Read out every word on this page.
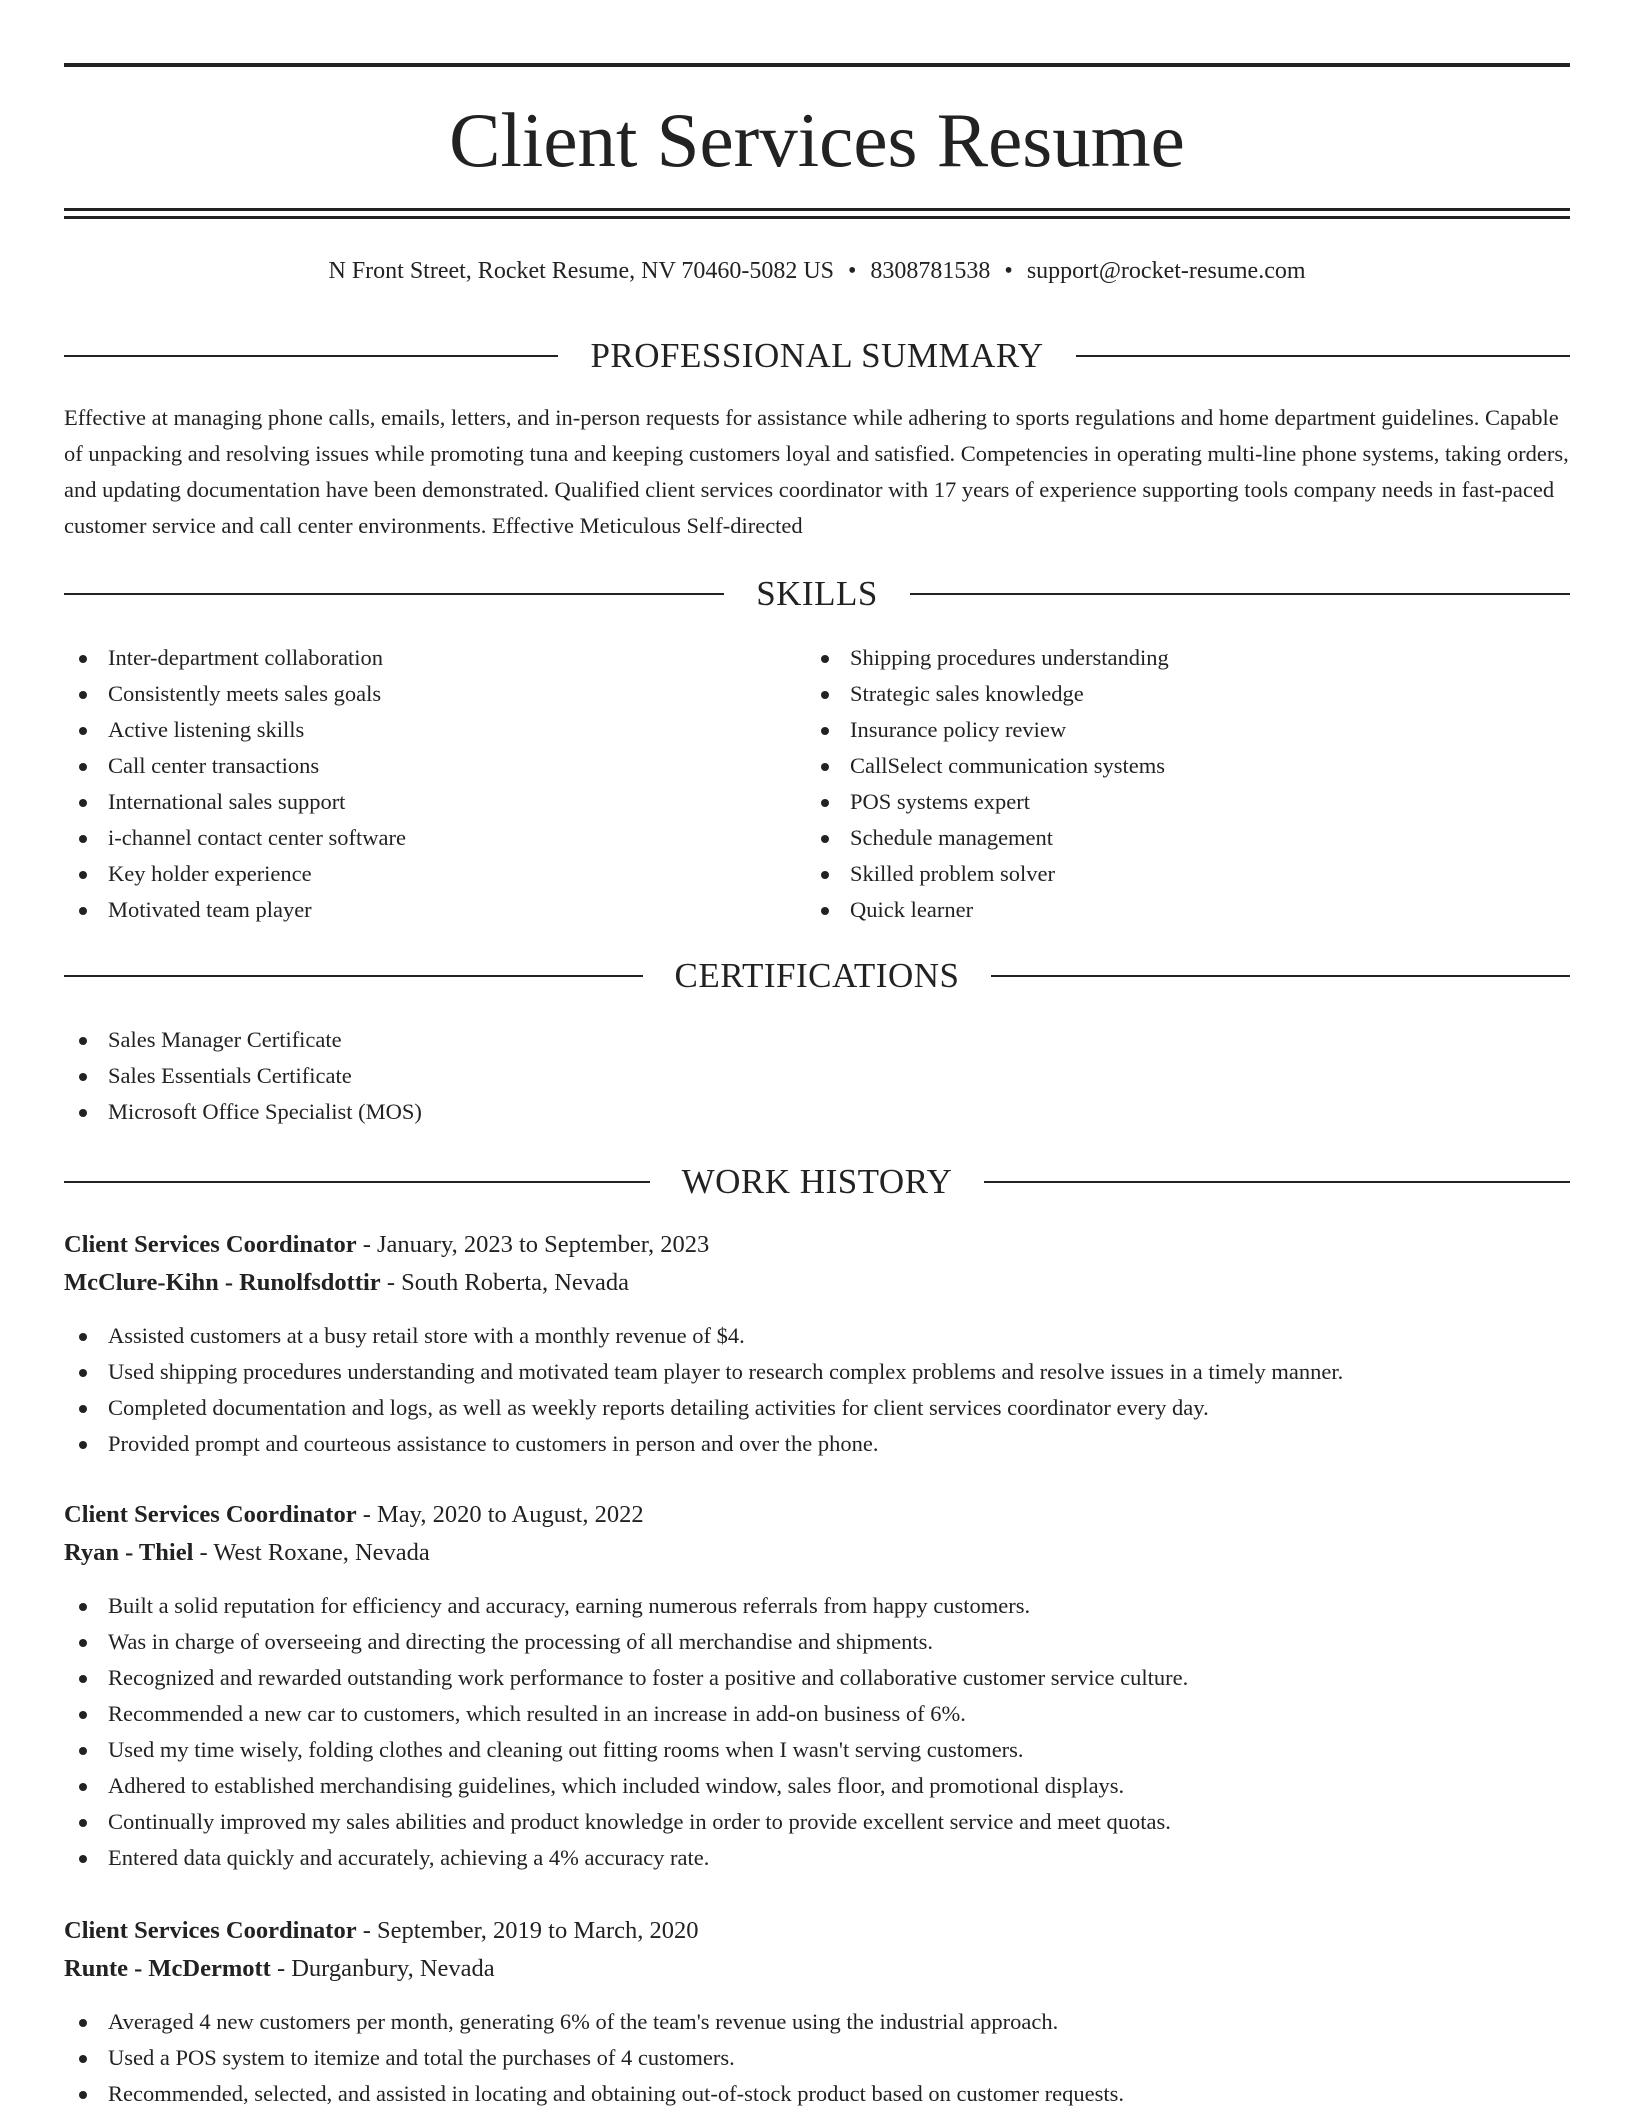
Client Services Resume
N Front Street, Rocket Resume, NV 70460-5082 US • 8308781538 • support@rocket-resume.com
PROFESSIONAL SUMMARY

Effective at managing phone calls, emails, letters, and in-person requests for assistance while adhering to sports regulations and home department guidelines. Capable of unpacking and resolving issues while promoting tuna and keeping customers loyal and satisfied. Competencies in operating multi-line phone systems, taking orders, and updating documentation have been demonstrated. Qualified client services coordinator with 17 years of experience supporting tools company needs in fast-paced customer service and call center environments. Effective Meticulous Self-directed

SKILLS
Inter-department collaboration
Consistently meets sales goals
Active listening skills
Call center transactions
International sales support
i-channel contact center software
Key holder experience
Motivated team player
Shipping procedures understanding
Strategic sales knowledge
Insurance policy review
CallSelect communication systems
POS systems expert
Schedule management
Skilled problem solver
Quick learner
CERTIFICATIONS
Sales Manager Certificate
Sales Essentials Certificate
Microsoft Office Specialist (MOS)
WORK HISTORY
Client Services Coordinator - January, 2023 to September, 2023
McClure-Kihn - Runolfsdottir - South Roberta, Nevada
Assisted customers at a busy retail store with a monthly revenue of $4.
Used shipping procedures understanding and motivated team player to research complex problems and resolve issues in a timely manner.
Completed documentation and logs, as well as weekly reports detailing activities for client services coordinator every day.
Provided prompt and courteous assistance to customers in person and over the phone.
Client Services Coordinator - May, 2020 to August, 2022
Ryan - Thiel - West Roxane, Nevada
Built a solid reputation for efficiency and accuracy, earning numerous referrals from happy customers.
Was in charge of overseeing and directing the processing of all merchandise and shipments.
Recognized and rewarded outstanding work performance to foster a positive and collaborative customer service culture.
Recommended a new car to customers, which resulted in an increase in add-on business of 6%.
Used my time wisely, folding clothes and cleaning out fitting rooms when I wasn't serving customers.
Adhered to established merchandising guidelines, which included window, sales floor, and promotional displays.
Continually improved my sales abilities and product knowledge in order to provide excellent service and meet quotas.
Entered data quickly and accurately, achieving a 4% accuracy rate.
Client Services Coordinator - September, 2019 to March, 2020
Runte - McDermott - Durganbury, Nevada
Averaged 4 new customers per month, generating 6% of the team's revenue using the industrial approach.
Used a POS system to itemize and total the purchases of 4 customers.
Recommended, selected, and assisted in locating and obtaining out-of-stock product based on customer requests.
